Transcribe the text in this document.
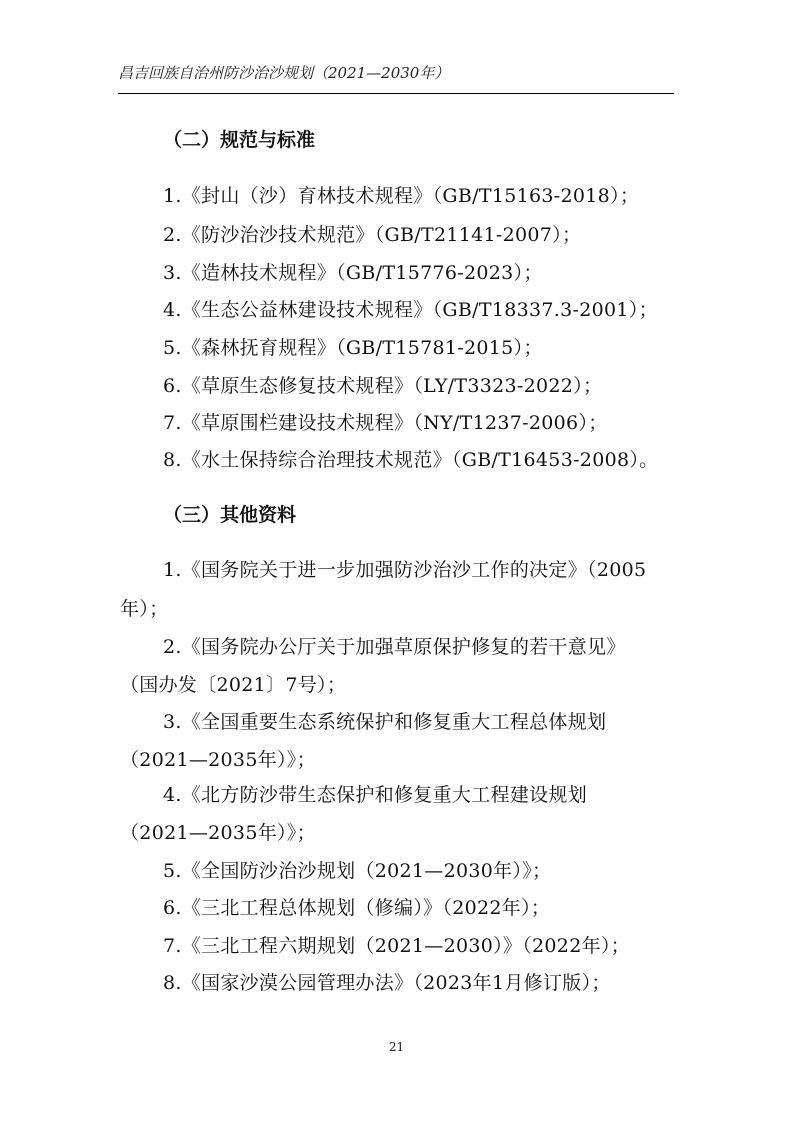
昌吉回族自治州防沙治沙规划（2021—2030年）
（二）规范与标准
1.《封山（沙）育林技术规程》（GB/T15163-2018）；
2.《防沙治沙技术规范》（GB/T21141-2007）；
3.《造林技术规程》（GB/T15776-2023）；
4.《生态公益林建设技术规程》（GB/T18337.3-2001）；
5.《森林抚育规程》（GB/T15781-2015）；
6.《草原生态修复技术规程》（LY/T3323-2022）；
7.《草原围栏建设技术规程》（NY/T1237-2006）；
8.《水土保持综合治理技术规范》（GB/T16453-2008）。
（三）其他资料
1.《国务院关于进一步加强防沙治沙工作的决定》（2005
年）；
2.《国务院办公厅关于加强草原保护修复的若干意见》
（国办发〔2021〕7号）；
3.《全国重要生态系统保护和修复重大工程总体规划
（2021—2035年）》；
4.《北方防沙带生态保护和修复重大工程建设规划
（2021—2035年）》；
5.《全国防沙治沙规划（2021—2030年）》；
6.《三北工程总体规划（修编）》（2022年）；
7.《三北工程六期规划（2021—2030）》（2022年）；
8.《国家沙漠公园管理办法》（2023年1月修订版）；
21
